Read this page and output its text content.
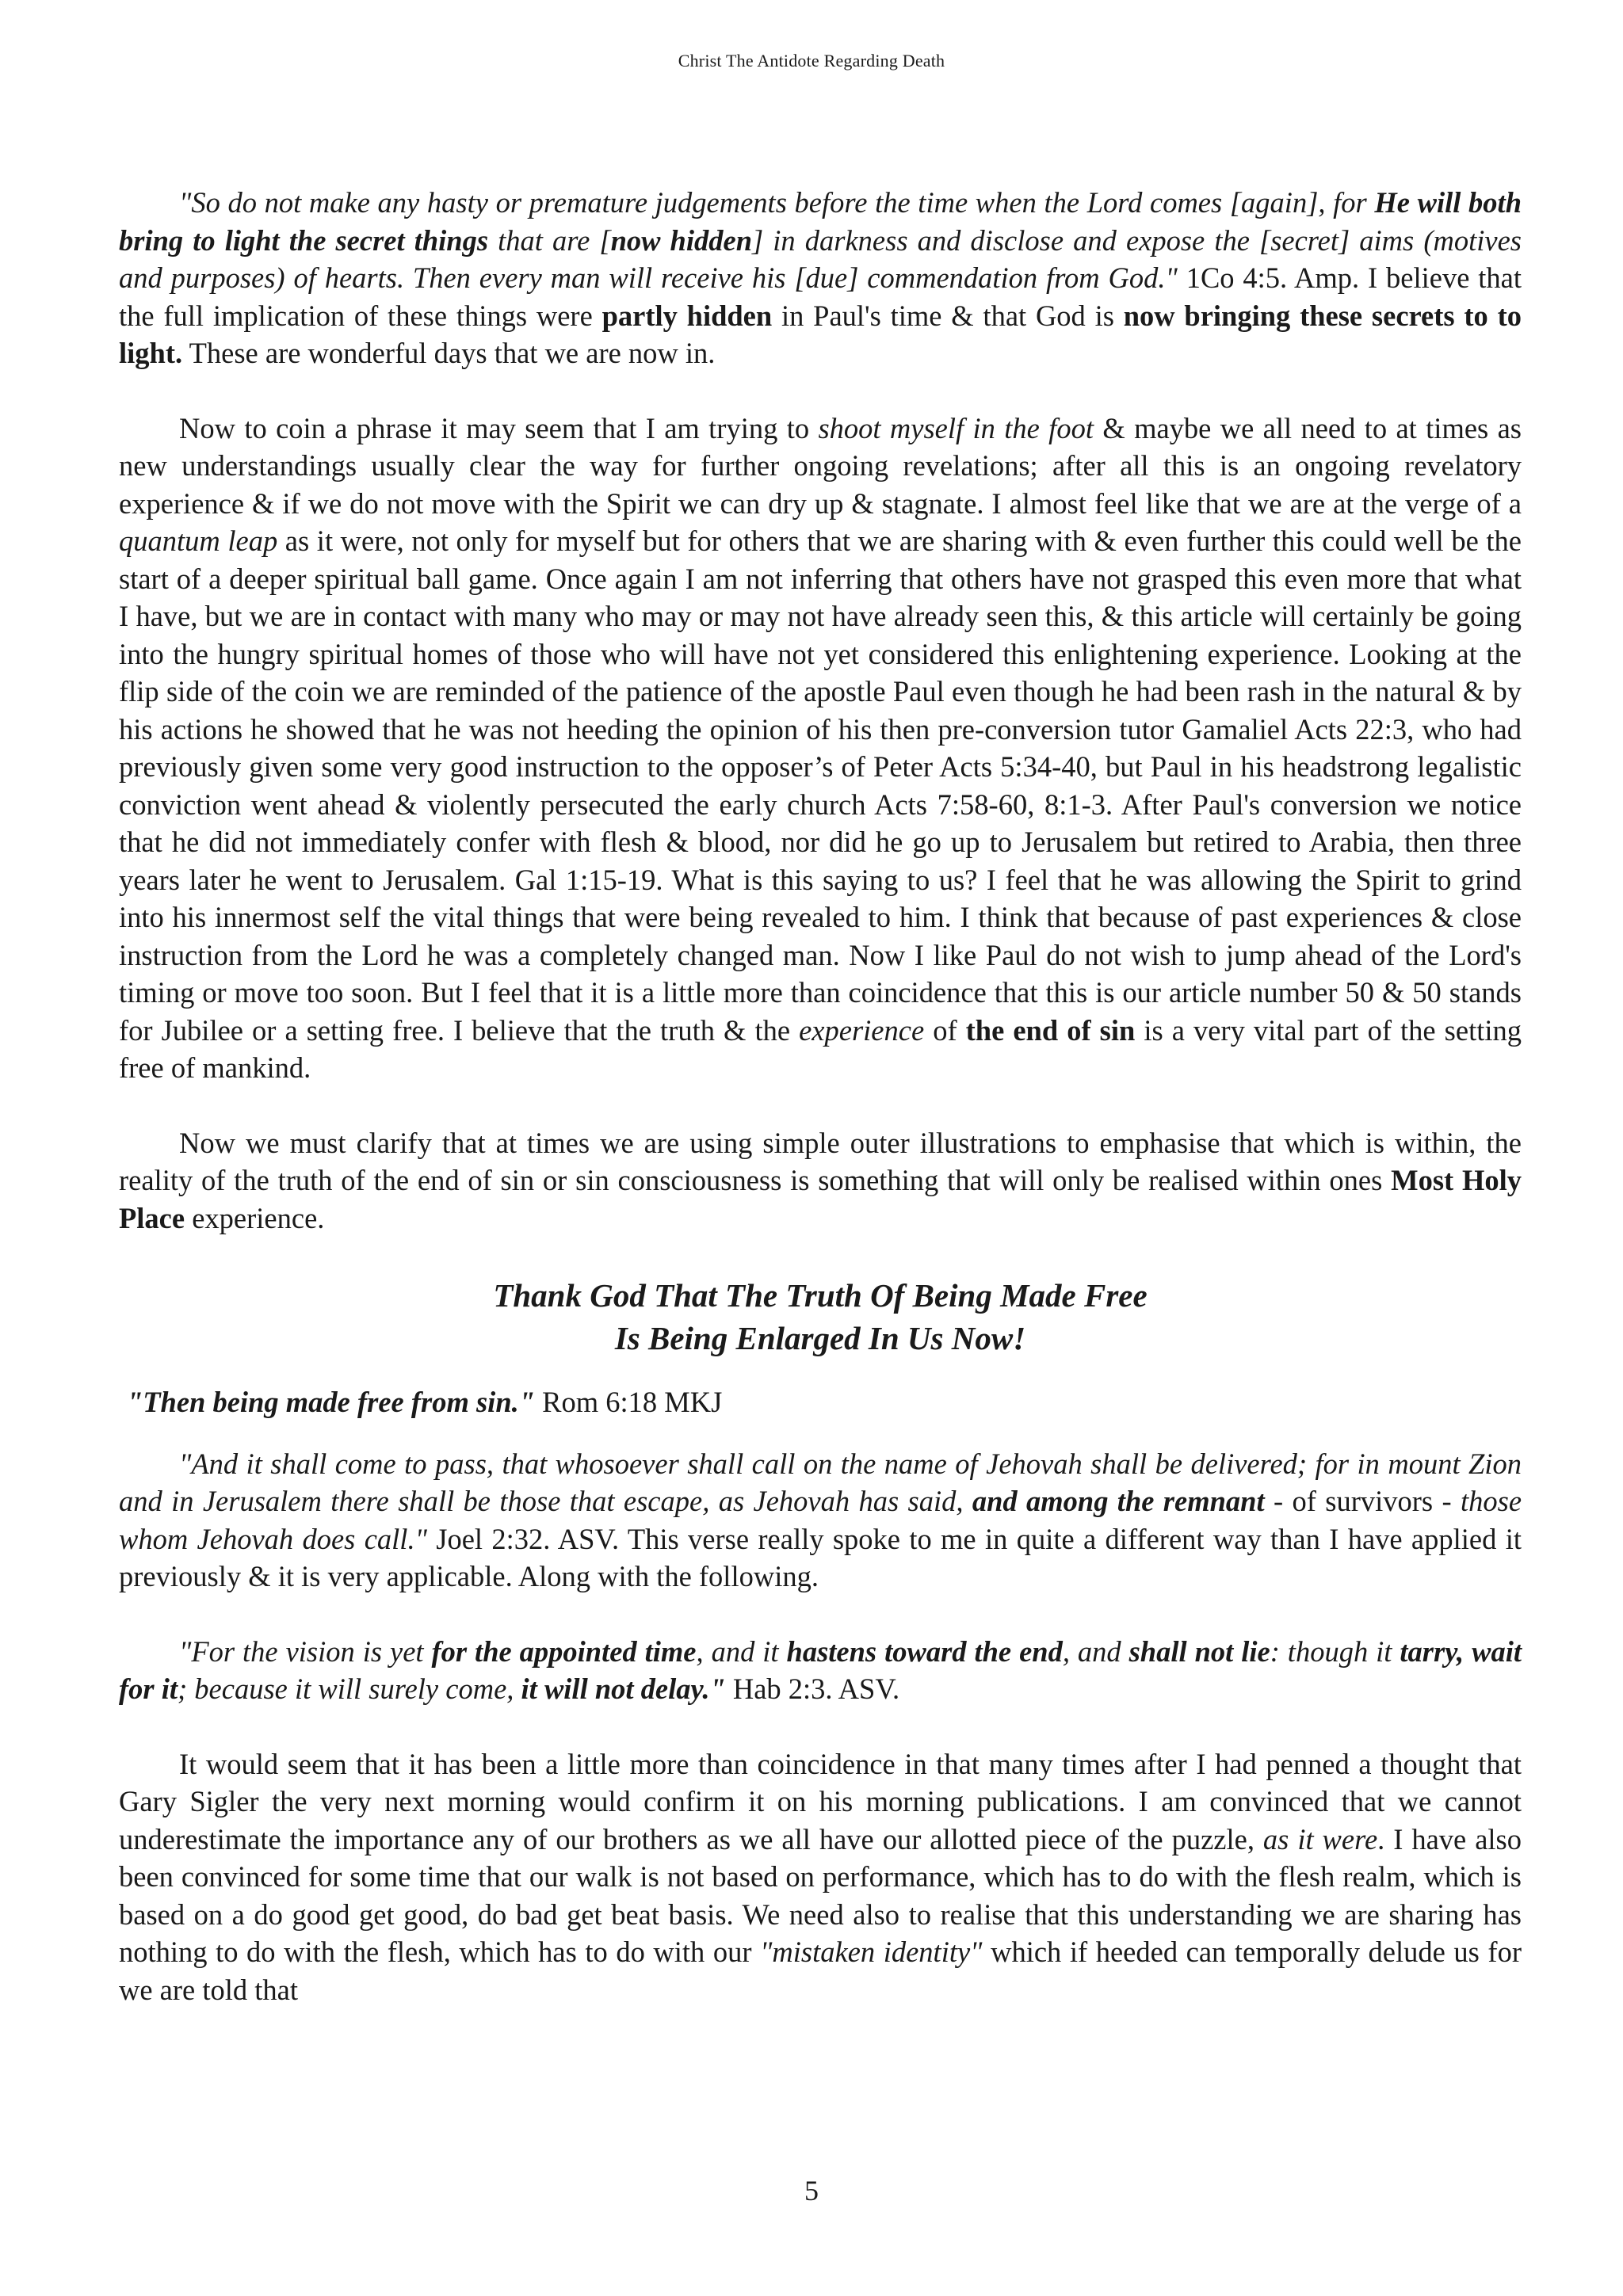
Christ The Antidote Regarding Death

"So do not make any hasty or premature judgements before the time when the Lord comes [again], for He will both bring to light the secret things that are [now hidden] in darkness and disclose and expose the [secret] aims (motives and purposes) of hearts. Then every man will receive his [due] commendation from God." 1Co 4:5. Amp. I believe that the full implication of these things were partly hidden in Paul's time & that God is now bringing these secrets to to light. These are wonderful days that we are now in.

Now to coin a phrase it may seem that I am trying to shoot myself in the foot & maybe we all need to at times as new understandings usually clear the way for further ongoing revelations; after all this is an ongoing revelatory experience & if we do not move with the Spirit we can dry up & stagnate. I almost feel like that we are at the verge of a quantum leap as it were, not only for myself but for others that we are sharing with & even further this could well be the start of a deeper spiritual ball game. Once again I am not inferring that others have not grasped this even more that what I have, but we are in contact with many who may or may not have already seen this, & this article will certainly be going into the hungry spiritual homes of those who will have not yet considered this enlightening experience. Looking at the flip side of the coin we are reminded of the patience of the apostle Paul even though he had been rash in the natural & by his actions he showed that he was not heeding the opinion of his then pre-conversion tutor Gamaliel Acts 22:3, who had previously given some very good instruction to the opposer’s of Peter Acts 5:34-40, but Paul in his headstrong legalistic conviction went ahead & violently persecuted the early church Acts 7:58-60, 8:1-3. After Paul's conversion we notice that he did not immediately confer with flesh & blood, nor did he go up to Jerusalem but retired to Arabia, then three years later he went to Jerusalem. Gal 1:15-19. What is this saying to us? I feel that he was allowing the Spirit to grind into his innermost self the vital things that were being revealed to him. I think that because of past experiences & close instruction from the Lord he was a completely changed man. Now I like Paul do not wish to jump ahead of the Lord's timing or move too soon. But I feel that it is a little more than coincidence that this is our article number 50 & 50 stands for Jubilee or a setting free. I believe that the truth & the experience of the end of sin is a very vital part of the setting free of mankind.

Now we must clarify that at times we are using simple outer illustrations to emphasise that which is within, the reality of the truth of the end of sin or sin consciousness is something that will only be realised within ones Most Holy Place experience.

Thank God That The Truth Of Being Made Free
Is Being Enlarged In Us Now!

"Then being made free from sin." Rom 6:18 MKJ

"And it shall come to pass, that whosoever shall call on the name of Jehovah shall be delivered; for in mount Zion and in Jerusalem there shall be those that escape, as Jehovah has said, and among the remnant - of survivors - those whom Jehovah does call." Joel 2:32. ASV. This verse really spoke to me in quite a different way than I have applied it previously & it is very applicable. Along with the following.

"For the vision is yet for the appointed time, and it hastens toward the end, and shall not lie: though it tarry, wait for it; because it will surely come, it will not delay." Hab 2:3. ASV.

It would seem that it has been a little more than coincidence in that many times after I had penned a thought that Gary Sigler the very next morning would confirm it on his morning publications. I am convinced that we cannot underestimate the importance any of our brothers as we all have our allotted piece of the puzzle, as it were. I have also been convinced for some time that our walk is not based on performance, which has to do with the flesh realm, which is based on a do good get good, do bad get beat basis. We need also to realise that this understanding we are sharing has nothing to do with the flesh, which has to do with our "mistaken identity" which if heeded can temporally delude us for we are told that

5
